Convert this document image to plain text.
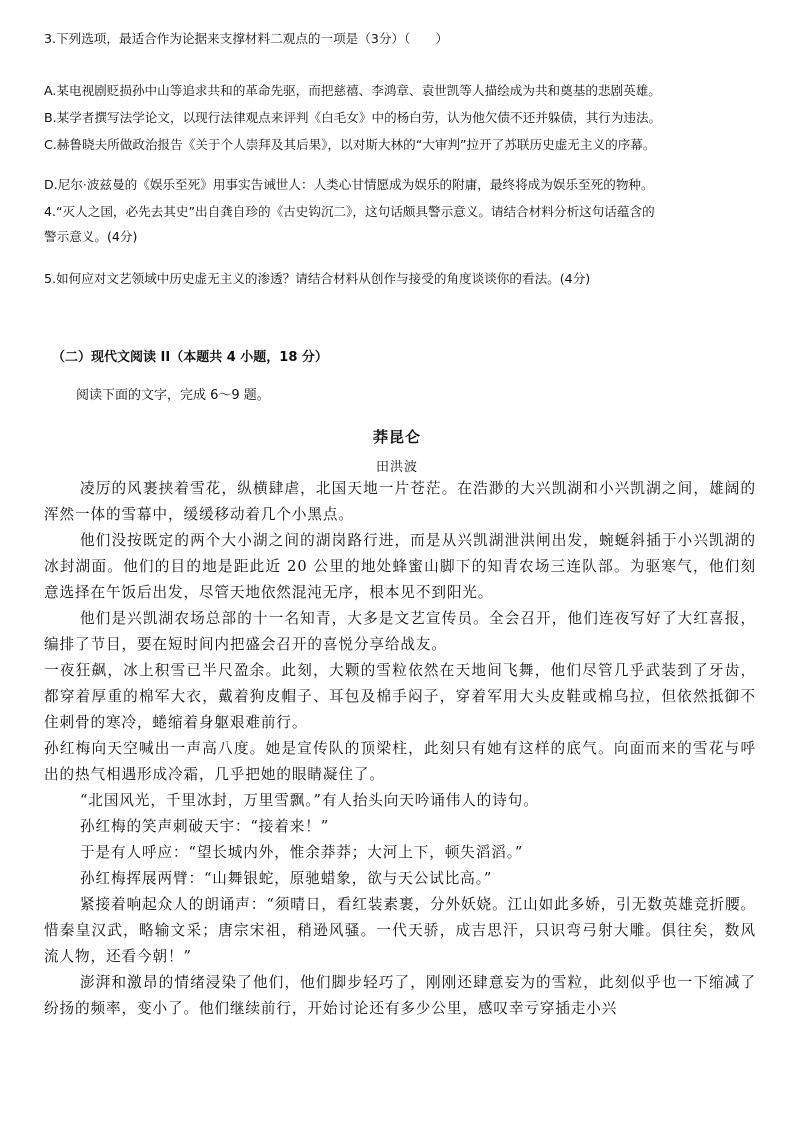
3.下列选项，最适合作为论据来支撑材料二观点的一项是（3分）（　　）
A.某电视剧贬损孙中山等追求共和的革命先驱，而把慈禧、李鸿章、袁世凯等人描绘成为共和奠基的悲剧英雄。
B.某学者撰写法学论文，以现行法律观点来评判《白毛女》中的杨白劳，认为他欠债不还并躲债，其行为违法。
C.赫鲁晓夫所做政治报告《关于个人崇拜及其后果》，以对斯大林的“大审判”拉开了苏联历史虚无主义的序幕。
D.尼尔·波兹曼的《娱乐至死》用事实告诫世人：人类心甘情愿成为娱乐的附庸，最终将成为娱乐至死的物种。
4.“灭人之国，必先去其史”出自龚自珍的《古史钩沉二》，这句话颇具警示意义。请结合材料分析这句话蕴含的
警示意义。(4分)
5.如何应对文艺领域中历史虚无主义的渗透？请结合材料从创作与接受的角度谈谈你的看法。(4分)
（二）现代文阅读 II（本题共 4 小题，18 分）
阅读下面的文字，完成 6～9 题。
莽昆仑
田洪波

凌厉的风裹挟着雪花，纵横肆虐，北国天地一片苍茫。在浩渺的大兴凯湖和小兴凯湖之间，雄阔的浑然一体的雪幕中，缓缓移动着几个小黑点。

他们没按既定的两个大小湖之间的湖岗路行进，而是从兴凯湖泄洪闸出发，蜿蜒斜插于小兴凯湖的冰封湖面。他们的目的地是距此近 20 公里的地处蜂蜜山脚下的知青农场三连队部。为驱寒气，他们刻意选择在午饭后出发，尽管天地依然混沌无序，根本见不到阳光。

他们是兴凯湖农场总部的十一名知青，大多是文艺宣传员。全会召开，他们连夜写好了大红喜报，编排了节目，要在短时间内把盛会召开的喜悦分享给战友。

一夜狂飙，冰上积雪已半尺盈余。此刻，大颗的雪粒依然在天地间飞舞，他们尽管几乎武装到了牙齿，都穿着厚重的棉军大衣，戴着狗皮帽子、耳包及棉手闷子，穿着军用大头皮鞋或棉乌拉，但依然抵御不住刺骨的寒冷，蜷缩着身躯艰难前行。

孙红梅向天空喊出一声高八度。她是宣传队的顶梁柱，此刻只有她有这样的底气。向面而来的雪花与呼出的热气相遇形成冷霜，几乎把她的眼睛凝住了。

“北国风光，千里冰封，万里雪飘。”有人抬头向天吟诵伟人的诗句。

孙红梅的笑声刺破天宇：“接着来！”

于是有人呼应：“望长城内外，惟余莽莽；大河上下，顿失滔滔。”

孙红梅挥展两臂：“山舞银蛇，原驰蜡象，欲与天公试比高。”

紧接着响起众人的朗诵声：“须晴日，看红装素裹，分外妖娆。江山如此多娇，引无数英雄竞折腰。惜秦皇汉武，略输文采；唐宗宋祖，稍逊风骚。一代天骄，成吉思汗，只识弯弓射大雕。俱往矣，数风流人物，还看今朝！”

澎湃和激昂的情绪浸染了他们，他们脚步轻巧了，刚刚还肆意妄为的雪粒，此刻似乎也一下缩减了纷扬的频率，变小了。他们继续前行，开始讨论还有多少公里，感叹幸亏穿插走小兴
